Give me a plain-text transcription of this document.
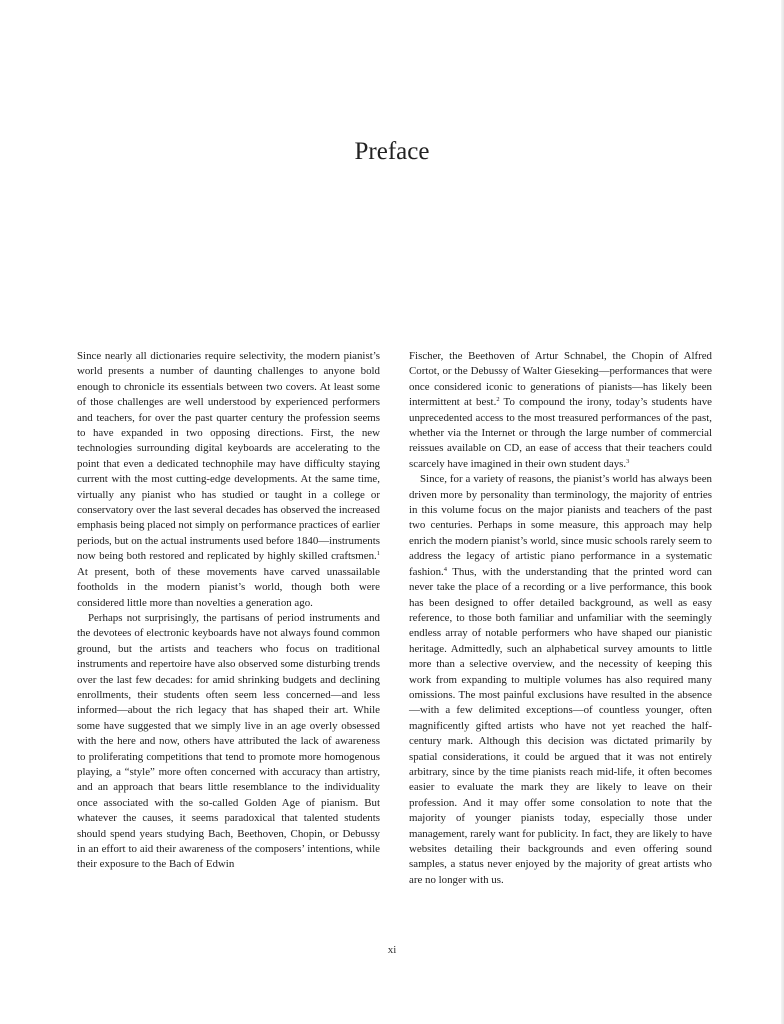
Preface

Since nearly all dictionaries require selectivity, the modern pianist’s world presents a number of daunting challenges to anyone bold enough to chronicle its essentials between two covers. At least some of those challenges are well understood by experienced performers and teachers, for over the past quarter century the profession seems to have expanded in two opposing directions. First, the new technologies surrounding digital keyboards are accelerating to the point that even a dedicated technophile may have difficulty staying current with the most cutting-edge developments. At the same time, virtually any pianist who has studied or taught in a college or conservatory over the last several decades has observed the increased emphasis being placed not simply on performance practices of earlier periods, but on the actual instruments used before 1840—instruments now being both restored and replicated by highly skilled craftsmen.$^1$ At present, both of these movements have carved unassailable footholds in the modern pianist’s world, though both were considered little more than novelties a generation ago.

Perhaps not surprisingly, the partisans of period instruments and the devotees of electronic keyboards have not always found common ground, but the artists and teachers who focus on traditional instruments and repertoire have also observed some disturbing trends over the last few decades: for amid shrinking budgets and declining enrollments, their students often seem less concerned—and less informed—about the rich legacy that has shaped their art. While some have suggested that we simply live in an age overly obsessed with the here and now, others have attributed the lack of awareness to proliferating competitions that tend to promote more homogenous playing, a “style” more often concerned with accuracy than artistry, and an approach that bears little resemblance to the individuality once associated with the so-called Golden Age of pianism. But whatever the causes, it seems paradoxical that talented students should spend years studying Bach, Beethoven, Chopin, or Debussy in an effort to aid their awareness of the composers’ intentions, while their exposure to the Bach of Edwin

Fischer, the Beethoven of Artur Schnabel, the Chopin of Alfred Cortot, or the Debussy of Walter Gieseking—performances that were once considered iconic to generations of pianists—has likely been intermittent at best.$^2$ To compound the irony, today’s students have unprecedented access to the most treasured performances of the past, whether via the Internet or through the large number of commercial reissues available on CD, an ease of access that their teachers could scarcely have imagined in their own student days.$^3$

Since, for a variety of reasons, the pianist’s world has always been driven more by personality than terminology, the majority of entries in this volume focus on the major pianists and teachers of the past two centuries. Perhaps in some measure, this approach may help enrich the modern pianist’s world, since music schools rarely seem to address the legacy of artistic piano performance in a systematic fashion.$^4$ Thus, with the understanding that the printed word can never take the place of a recording or a live performance, this book has been designed to offer detailed background, as well as easy reference, to those both familiar and unfamiliar with the seemingly endless array of notable performers who have shaped our pianistic heritage. Admittedly, such an alphabetical survey amounts to little more than a selective overview, and the necessity of keeping this work from expanding to multiple volumes has also required many omissions. The most painful exclusions have resulted in the absence—with a few delimited exceptions—of countless younger, often magnificently gifted artists who have not yet reached the half-century mark. Although this decision was dictated primarily by spatial considerations, it could be argued that it was not entirely arbitrary, since by the time pianists reach mid-life, it often becomes easier to evaluate the mark they are likely to leave on their profession. And it may offer some consolation to note that the majority of younger pianists today, especially those under management, rarely want for publicity. In fact, they are likely to have websites detailing their backgrounds and even offering sound samples, a status never enjoyed by the majority of great artists who are no longer with us.

xi
